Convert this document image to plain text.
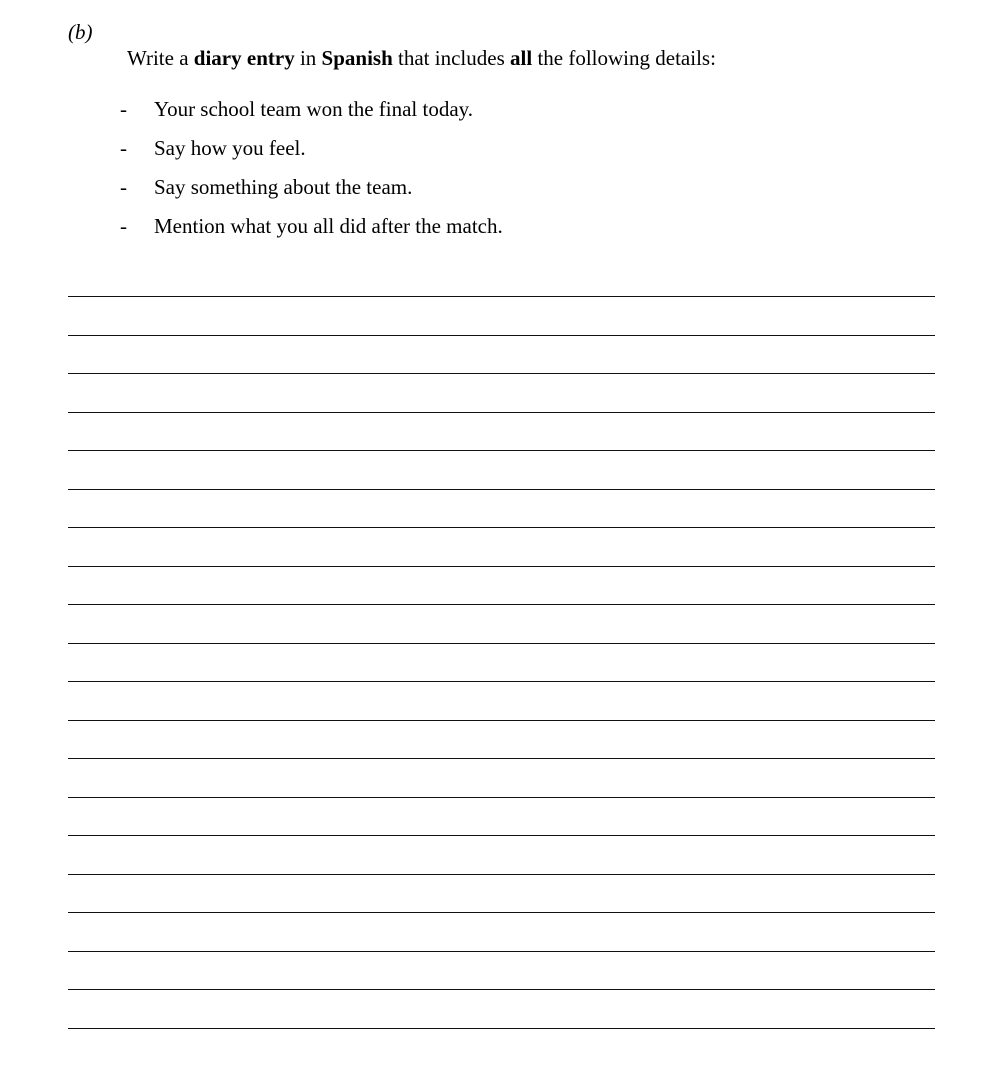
(b)
Write a diary entry in Spanish that includes all the following details:
- Your school team won the final today.
- Say how you feel.
- Say something about the team.
- Mention what you all did after the match.
